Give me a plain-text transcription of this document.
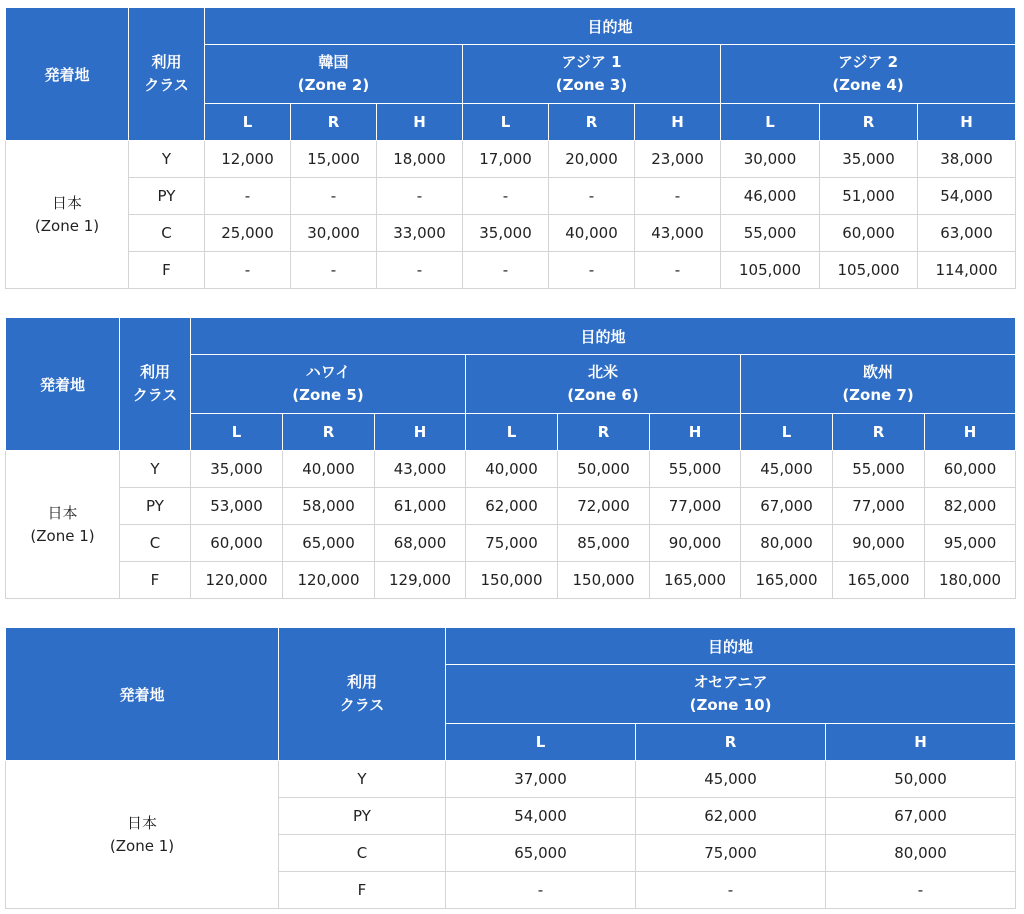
発着地	利用
クラス	目的地								
		韓国
(Zone 2)			アジア 1
(Zone 3)			アジア 2
(Zone 4)		
		L	R	H	L	R	H	L	R	H
日本
(Zone 1)	Y	12,000	15,000	18,000	17,000	20,000	23,000	30,000	35,000	38,000
	PY	-	-	-	-	-	-	46,000	51,000	54,000
	C	25,000	30,000	33,000	35,000	40,000	43,000	55,000	60,000	63,000
	F	-	-	-	-	-	-	105,000	105,000	114,000
発着地	利用
クラス	目的地								
		ハワイ
(Zone 5)			北米
(Zone 6)			欧州
(Zone 7)		
		L	R	H	L	R	H	L	R	H
日本
(Zone 1)	Y	35,000	40,000	43,000	40,000	50,000	55,000	45,000	55,000	60,000
	PY	53,000	58,000	61,000	62,000	72,000	77,000	67,000	77,000	82,000
	C	60,000	65,000	68,000	75,000	85,000	90,000	80,000	90,000	95,000
	F	120,000	120,000	129,000	150,000	150,000	165,000	165,000	165,000	180,000
発着地	利用
クラス	目的地		
		オセアニア
(Zone 10)		
		L	R	H
日本
(Zone 1)	Y	37,000	45,000	50,000
	PY	54,000	62,000	67,000
	C	65,000	75,000	80,000
	F	-	-	-
